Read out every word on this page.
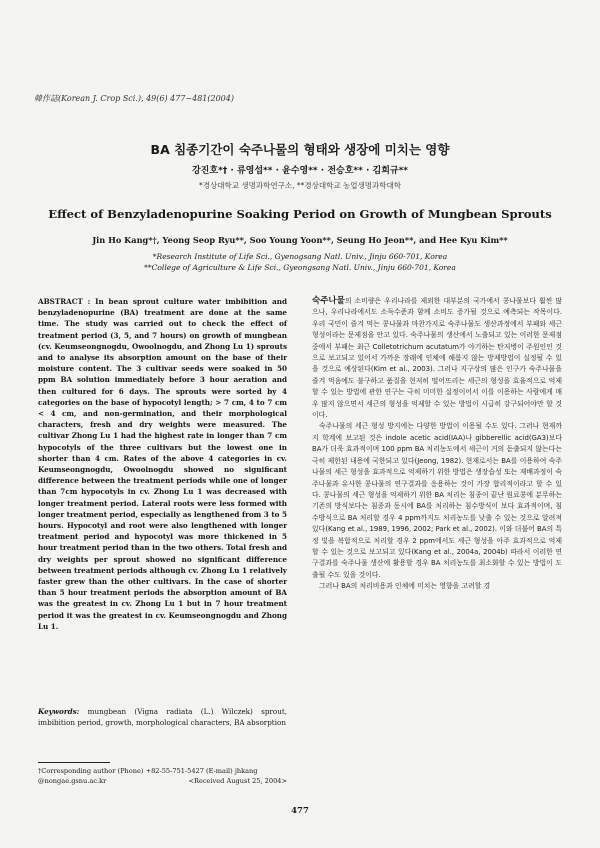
韓作誌(Korean J. Crop Sci.), 49(6) 477~481(2004)
BA 침종기간이 숙주나물의 형태와 생장에 미치는 영향
강진호*† · 류영섭** · 윤수영** · 전승호** · 김희규**
*경상대학교 생명과학연구소, **경상대학교 농업생명과학대학
Effect of Benzyladenopurine Soaking Period on Growth of Mungbean Sprouts
Jin Ho Kang*†, Yeong Seop Ryu**, Soo Young Yoon**, Seung Ho Jeon**, and Hee Kyu Kim**
*Research Institute of Life Sci., Gyenogsang Natl. Univ., Jinju 660-701, Korea
**College of Agriculture & Life Sci., Gyeongsang Natl. Univ., Jinju 660-701, Korea
ABSTRACT : In bean sprout culture water imbibition and benzyladenopurine (BA) treatment are done at the same time. The study was carried out to check the effect of treatment period (3, 5, and 7 hours) on growth of mungbean (cv. Keumseongnogdu, Owoolnogdu, and Zhong Lu 1) sprouts and to analyse its absorption amount on the base of their moisture content. The 3 cultivar seeds were soaked in 50 ppm BA solution immediately before 3 hour aeration and then cultured for 6 days. The sprouts were sorted by 4 categories on the base of hypocotyl length; > 7 cm, 4 to 7 cm < 4 cm, and non-germination, and their morphological characters, fresh and dry weights were measured. The cultivar Zhong Lu 1 had the highest rate in longer than 7 cm hypocotyls of the three cultivars but the lowest one in shorter than 4 cm. Rates of the above 4 categories in cv. Keumseongnogdu, Owoolnogdu showed no significant difference between the treatment periods while one of longer than 7cm hypocotyls in cv. Zhong Lu 1 was decreased with longer treatment period. Lateral roots were less formed with longer treatment period, especially as lengthened from 3 to 5 hours. Hypocotyl and root were also lengthened with longer treatment period and hypocotyl was more thickened in 5 hour treatment period than in the two others. Total fresh and dry weights per sprout showed no significant difference between treatment periods although cv. Zhong Lu 1 relatively faster grew than the other cultivars. In the case of shorter than 5 hour treatment periods the absorption amount of BA was the greatest in cv. Zhong Lu 1 but in 7 hour treatment period it was the greatest in cv. Keumseongnogdu and Zhong Lu 1.
Keywords: mungbean (Vigna radiata (L.) Wilczek) sprout, imbibition period, growth, morphological characters, BA absorption
†Corresponding author (Phone) +82-55-751-5427 (E-mail) jhkang
@nongae.gsnu.ac.kr	<Received August 25, 2004>

숙주나물의 소비량은 우리나라를 제외한 대부분의 국가에서 콩나물보다 훨씬 많으나, 우리나라에서도 소득수준과 함께 소비도 증가될 것으로 예측되는 작목이다. 우리 국민이 즐겨 먹는 콩나물과 마찬가지로 숙주나물도 생산과정에서 부패와 세근 형성이라는 문제점을 안고 있다. 숙주나물의 생산에서 노출되고 있는 이러한 문제점중에서 부패는 최근 Colletotrichum acutatum가 야기하는 탄저병이 주원인인 것으로 보고되고 있어서 가까운 장래에 인체에 해롭지 않는 방제방법이 실정될 수 있을 것으로 예상된다(Kim et al., 2003). 그러나 지구상의 많은 인구가 숙주나물을 즐겨 먹음에도 불구하고 품질을 현저히 떨어뜨리는 세근의 형성을 효율적으로 억제할 수 있는 방법에 관한 연구는 극히 미미한 실정이어서 이를 이용하는 사람에게 매우 많지 않으면서 세근의 형성을 억제할 수 있는 방법이 시급히 강구되어야만 할 것이다.

숙주나물의 세근 형성 방지에는 다양한 방법이 이용될 수도 있다. 그러나 현재까지 학계에 보고된 것은 indole acetic acid(IAA)나 gibberellic acid(GA3)보다 BA가 더욱 효과적이며 100 ppm BA 처리농도에서 세근이 거의 돋출되지 않는다는 극히 제한된 내용에 국한되고 있다(Jeong, 1982). 현재로서는 BA를 이용하여 숙주나물의 세근 형성을 효과적으로 억제하기 위한 방법은 생장습성 또는 재배과정이 숙주나물과 유사한 콩나물의 연구결과를 응용하는 것이 가장 합리적이라고 할 수 있다. 콩나물의 세근 형성을 억제하기 위한 BA 처리는 침종이 끝난 원료콩에 분무하는 기존의 방식보다는 침종과 동시에 BA를 처리하는 침수방식이 보다 효과적이며, 침수방식으로 BA 처리할 경우 4 ppm까지도 처리농도를 낮출 수 있는 것으로 알려져 있다(Kang et al., 1989, 1996, 2002; Park et al., 2002). 이와 더불어 BA의 특정 빛을 복합적으로 처리할 경우 2 ppm에서도 세근 형성을 아주 효과적으로 억제할 수 있는 것으로 보고되고 있다(Kang et al., 2004a, 2004b) 따라서 이러한 연구결과를 숙주나물 생산에 활용할 경우 BA 처리농도를 최소화할 수 있는 방법이 도출될 수도 있을 것이다.

그러나 BA의 처리비용과 인체에 미치는 영향을 고려할 경

477
